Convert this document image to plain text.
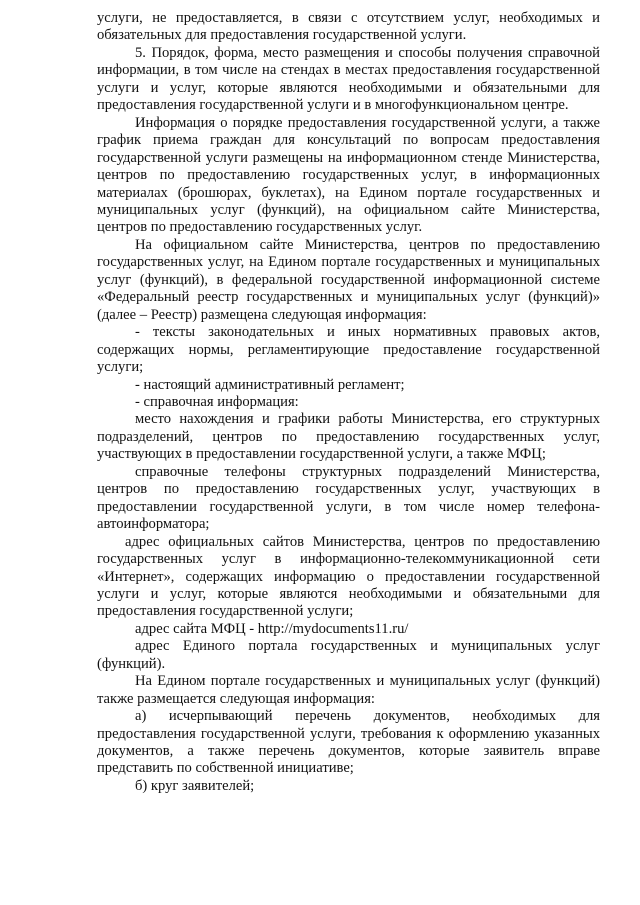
услуги, не предоставляется, в связи с отсутствием услуг, необходимых и обязательных для предоставления государственной услуги.

5. Порядок, форма, место размещения и способы получения справочной информации, в том числе на стендах в местах предоставления государственной услуги и услуг, которые являются необходимыми и обязательными для предоставления государственной услуги и в многофункциональном центре.

Информация о порядке предоставления государственной услуги, а также график приема граждан для консультаций по вопросам предоставления государственной услуги размещены на информационном стенде Министерства, центров по предоставлению государственных услуг, в информационных материалах (брошюрах, буклетах), на Едином портале государственных и муниципальных услуг (функций), на официальном сайте Министерства, центров по предоставлению государственных услуг.

На официальном сайте Министерства, центров по предоставлению государственных услуг, на Едином портале государственных и муниципальных услуг (функций), в федеральной государственной информационной системе «Федеральный реестр государственных и муниципальных услуг (функций)» (далее – Реестр) размещена следующая информация:

- тексты законодательных и иных нормативных правовых актов, содержащих нормы, регламентирующие предоставление государственной услуги;

- настоящий административный регламент;

- справочная информация:

место нахождения и графики работы Министерства, его структурных подразделений, центров по предоставлению государственных услуг, участвующих в предоставлении государственной услуги, а также МФЦ;

справочные телефоны структурных подразделений Министерства, центров по предоставлению государственных услуг, участвующих в предоставлении государственной услуги, в том числе номер телефона-автоинформатора;

адрес официальных сайтов Министерства, центров по предоставлению государственных услуг в информационно-телекоммуникационной сети «Интернет», содержащих информацию о предоставлении государственной услуги и услуг, которые являются необходимыми и обязательными для предоставления государственной услуги;

адрес сайта МФЦ - http://mydocuments11.ru/

адрес Единого портала государственных и муниципальных услуг (функций).

На Едином портале государственных и муниципальных услуг (функций) также размещается следующая информация:

а) исчерпывающий перечень документов, необходимых для предоставления государственной услуги, требования к оформлению указанных документов, а также перечень документов, которые заявитель вправе представить по собственной инициативе;

б) круг заявителей;
